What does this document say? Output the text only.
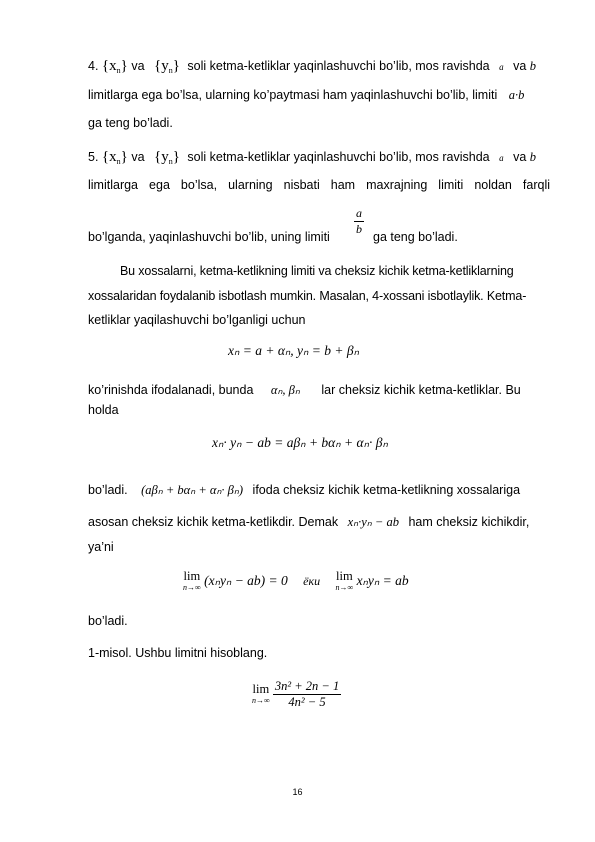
4. $\{x_n\}$ va $\{y_n\}$ soli ketma-ketliklar yaqinlashuvchi bo’lib, mos ravishda a va b
limitlarga ega bo’lsa, ularning ko’paytmasi ham yaqinlashuvchi bo’lib, limiti a·b
ga teng bo’ladi.
5. $\{x_n\}$ va $\{y_n\}$ soli ketma-ketliklar yaqinlashuvchi bo’lib, mos ravishda a va b
limitlarga ega bo’lsa, ularning nisbati ham maxrajning limiti noldan farqli
bo’lganda, yaqinlashuvchi bo’lib, uning limiti $\frac{a}{b}$ ga teng bo’ladi.
Bu xossalarni, ketma-ketlikning limiti va cheksiz kichik ketma-ketliklarning
xossalaridan foydalanib isbotlash mumkin. Masalan, 4-xossani isbotlaylik. Ketma-
ketliklar yaqilashuvchi bo’lganligi uchun
xₙ = a + αₙ, yₙ = b + βₙ
ko’rinishda ifodalanadi, bunda αₙ, βₙ lar cheksiz kichik ketma-ketliklar. Bu
holda
xₙ· yₙ − ab = aβₙ + bαₙ + αₙ· βₙ
bo’ladi. (aβₙ + bαₙ + αₙ· βₙ) ifoda cheksiz kichik ketma-ketlikning xossalariga
asosan cheksiz kichik ketma-ketlikdir. Demak xₙ·yₙ − ab ham cheksiz kichikdir,
ya’ni
lim
n→∞ (xₙyₙ − ab) = 0 ёки lim
n→∞ xₙyₙ = ab
bo’ladi.
1-misol. Ushbu limitni hisoblang.
lim
n→∞
$\frac{\text{3n² + 2n − 1}}{\text{4n² − 5}}$
16
